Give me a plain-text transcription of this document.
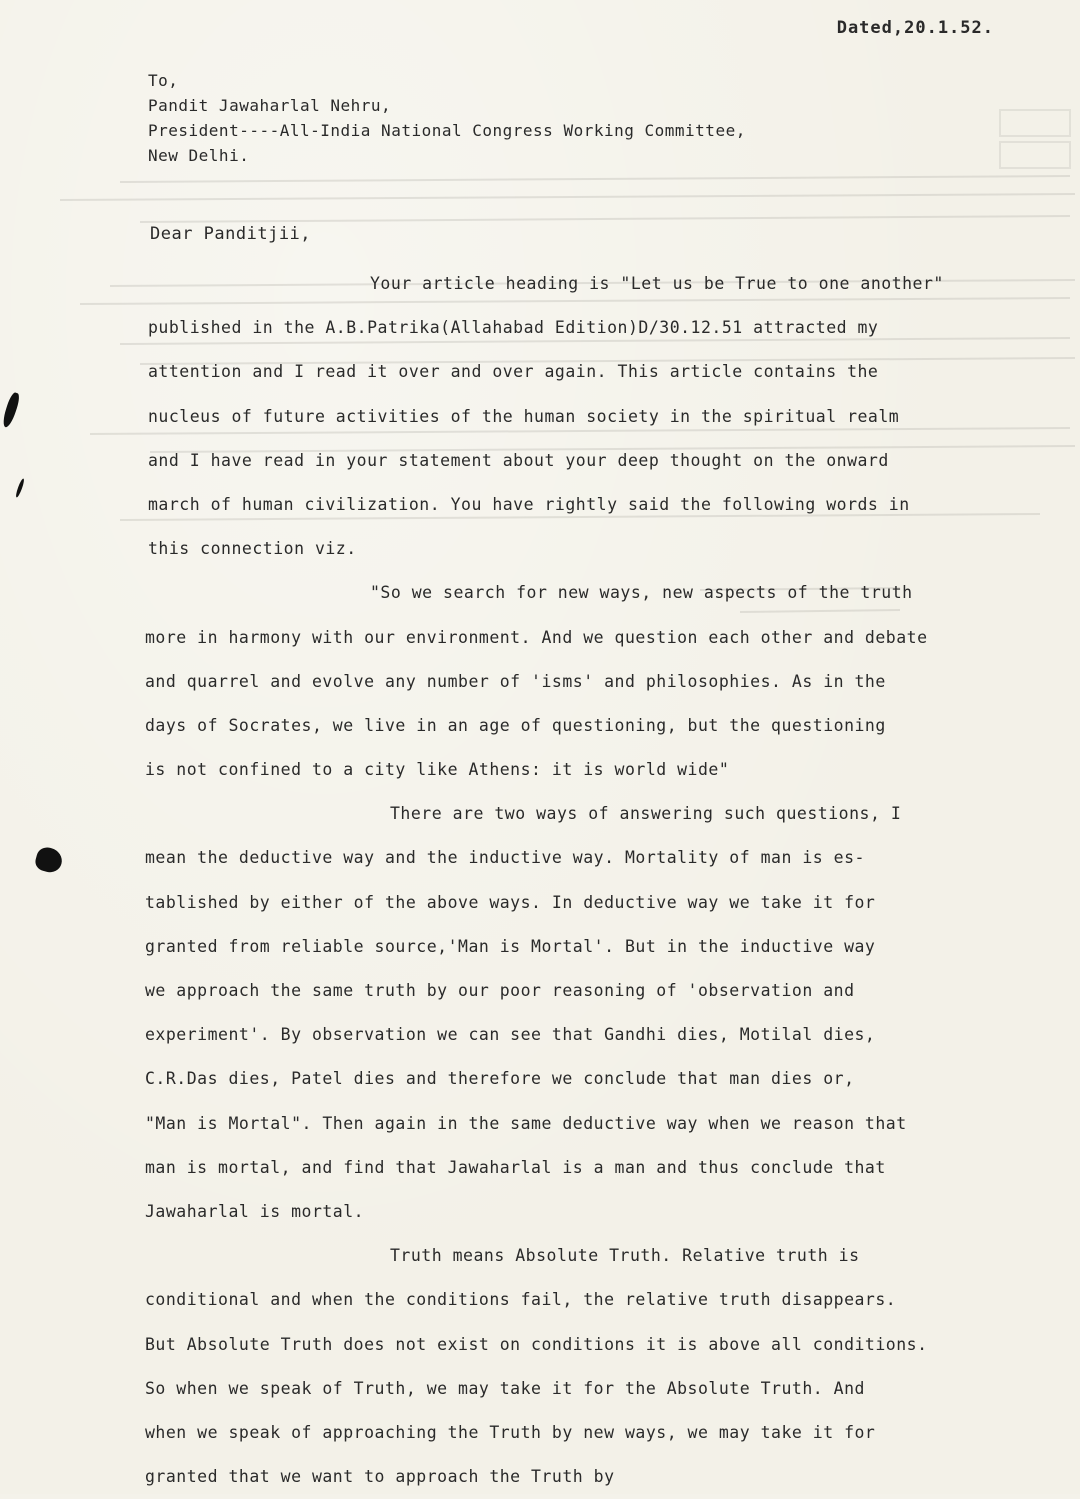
Dated,20.1.52.
To,
Pandit Jawaharlal Nehru,
President----All-India National Congress Working Committee,
New Delhi.
Dear Panditjii,
Your article heading is "Let us be True to one another"
published in the A.B.Patrika(Allahabad Edition)D/30.12.51 attracted my
attention and I read it over and over again. This article contains the
nucleus of future activities of the human society in the spiritual realm
and I have read in your statement about your deep thought on the onward
march of human civilization. You have rightly said the following words in
this connection viz.
"So we search for new ways, new aspects of the truth
more in harmony with our environment. And we question each other and debate
and quarrel and evolve any number of 'isms' and philosophies. As in the
days of Socrates, we live in an age of questioning, but the questioning
is not confined to a city like Athens: it is world wide"
There are two ways of answering such questions, I
mean the deductive way and the inductive way. Mortality of man is es-
tablished by either of the above ways. In deductive way we take it for
granted from reliable source,'Man is Mortal'. But in the inductive way
we approach the same truth by our poor reasoning of 'observation and
experiment'. By observation we can see that Gandhi dies, Motilal dies,
C.R.Das dies, Patel dies and therefore we conclude that man dies or,
"Man is Mortal". Then again in the same deductive way when we reason that
man is mortal, and find that Jawaharlal is a man and thus conclude that
Jawaharlal is mortal.
Truth means Absolute Truth. Relative truth is
conditional and when the conditions fail, the relative truth disappears.
But Absolute Truth does not exist on conditions it is above all conditions.
So when we speak of Truth, we may take it for the Absolute Truth. And
when we speak of approaching the Truth by new ways, we may take it for
granted that we want to approach the Truth by
